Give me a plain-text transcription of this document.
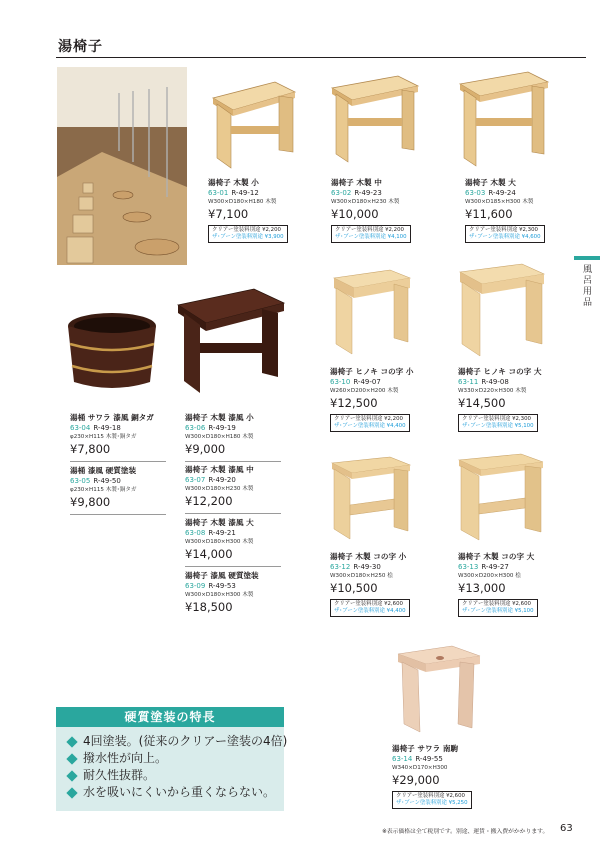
湯椅子
風呂用品
湯椅子 木製 小
63-01 R-49-12
W300×D180×H180 木製
¥7,100
クリアー塗装料別途 ¥2,200
ザ･ブーン塗装料別途 ¥3,900
湯椅子 木製 中
63-02 R-49-23
W300×D180×H230 木製
¥10,000
クリアー塗装料別途 ¥2,200
ザ･ブーン塗装料別途 ¥4,100
湯椅子 木製 大
63-03 R-49-24
W300×D185×H300 木製
¥11,600
クリアー塗装料別途 ¥2,300
ザ･ブーン塗装料別途 ¥4,600
湯桶 サワラ 漆風 銅タガ
63-04 R-49-18
φ230×H115 木製･銅タガ
¥7,800
湯桶 漆風 硬質塗装
63-05 R-49-50
φ230×H115 木製･銅タガ
¥9,800
湯椅子 木製 漆風 小
63-06 R-49-19
W300×D180×H180 木製
¥9,000
湯椅子 木製 漆風 中
63-07 R-49-20
W300×D180×H230 木製
¥12,200
湯椅子 木製 漆風 大
63-08 R-49-21
W300×D180×H300 木製
¥14,000
湯椅子 漆風 硬質塗装
63-09 R-49-53
W300×D180×H300 木製
¥18,500
湯椅子 ヒノキ コの字 小
63-10 R-49-07
W260×D200×H200 木製
¥12,500
クリアー塗装料別途 ¥2,200
ザ･ブーン塗装料別途 ¥4,400
湯椅子 ヒノキ コの字 大
63-11 R-49-08
W330×D220×H300 木製
¥14,500
クリアー塗装料別途 ¥2,300
ザ･ブーン塗装料別途 ¥5,100
湯椅子 木製 コの字 小
63-12 R-49-30
W300×D180×H250 桧
¥10,500
クリアー塗装料別途 ¥2,600
ザ･ブーン塗装料別途 ¥4,400
湯椅子 木製 コの字 大
63-13 R-49-27
W300×D200×H300 桧
¥13,000
クリアー塗装料別途 ¥2,600
ザ･ブーン塗装料別途 ¥5,100
湯椅子 サワラ 南駒
63-14 R-49-55
W340×D170×H300
¥29,000
クリアー塗装料別途 ¥2,600
ザ･ブーン塗装料別途 ¥5,250
硬質塗装の特長
4回塗装。(従来のクリアー塗装の4倍)
撥水性が向上。
耐久性抜群。
水を吸いにくいから重くならない。
※表示価格は全て税別です。別途、運賃・搬入費がかかります。 63
